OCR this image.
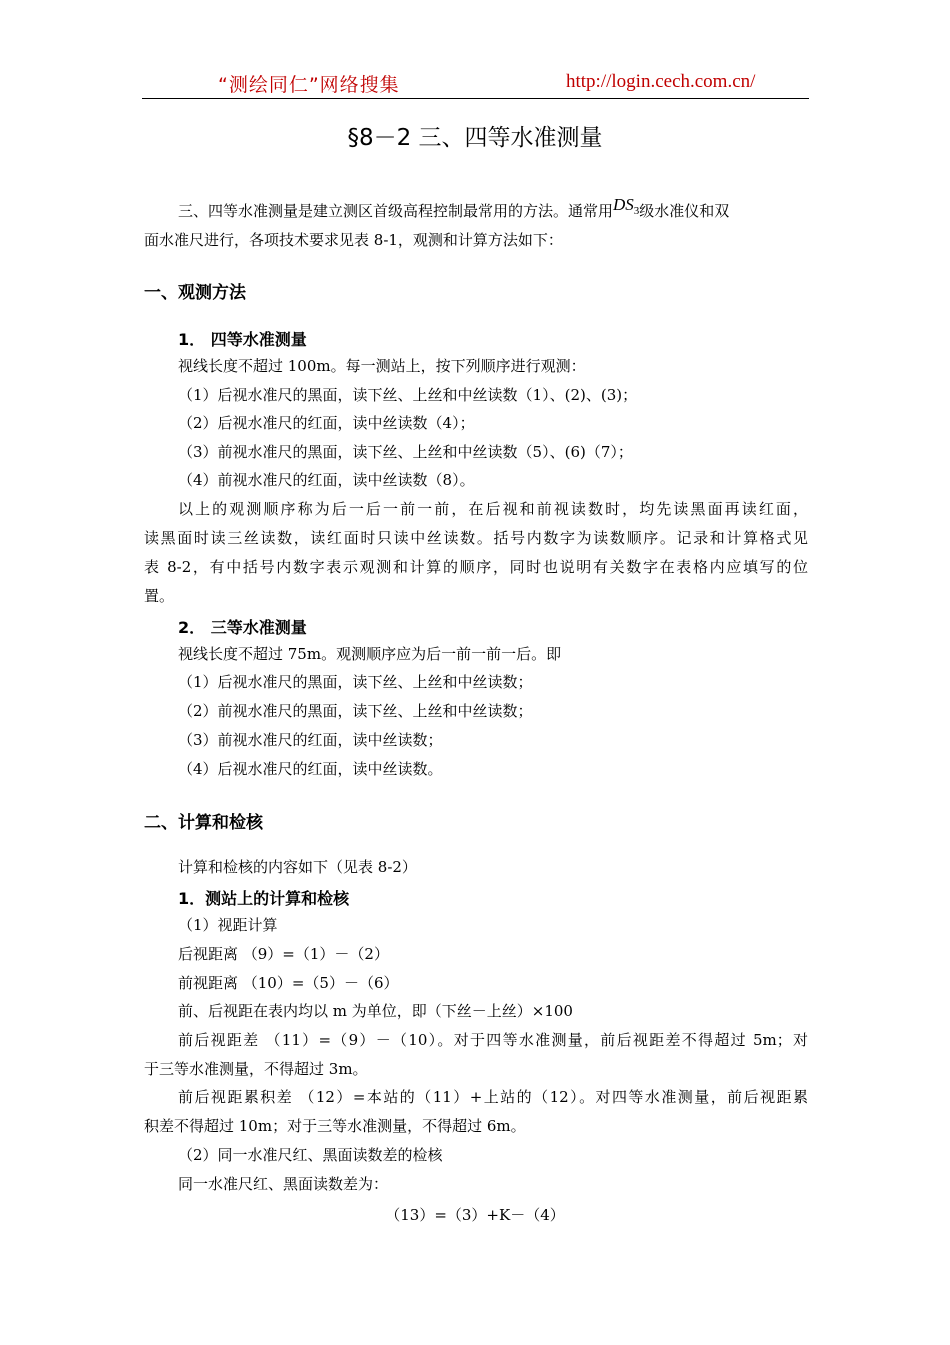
“测绘同仁”网络搜集	http://login.cech.com.cn/
§8－2 三、四等水准测量
三、四等水准测量是建立测区首级高程控制最常用的方法。通常用$DS_3$级水准仪和双
面水准尺进行，各项技术要求见表 8-1，观测和计算方法如下：
一、观测方法
1． 四等水准测量
视线长度不超过 100m。每一测站上，按下列顺序进行观测：
（1）后视水准尺的黑面，读下丝、上丝和中丝读数（1）、(2)、(3)；
（2）后视水准尺的红面，读中丝读数（4）；
（3）前视水准尺的黑面，读下丝、上丝和中丝读数（5）、(6)（7）；
（4）前视水准尺的红面，读中丝读数（8）。
以上的观测顺序称为后一后一前一前，在后视和前视读数时，均先读黑面再读红面，
读黑面时读三丝读数，读红面时只读中丝读数。括号内数字为读数顺序。记录和计算格式见
表 8-2，有中括号内数字表示观测和计算的顺序，同时也说明有关数字在表格内应填写的位
置。
2． 三等水准测量
视线长度不超过 75m。观测顺序应为后一前一前一后。即
（1）后视水准尺的黑面，读下丝、上丝和中丝读数；
（2）前视水准尺的黑面，读下丝、上丝和中丝读数；
（3）前视水准尺的红面，读中丝读数；
（4）后视水准尺的红面，读中丝读数。
二、计算和检核
计算和检核的内容如下（见表 8-2）
1．测站上的计算和检核
（1）视距计算
后视距离 （9）=（1）－（2）
前视距离 （10）=（5）－（6）
前、后视距在表内均以 m 为单位，即（下丝－上丝）×100
前后视距差 （11）=（9）－（10）。对于四等水准测量，前后视距差不得超过 5m；对
于三等水准测量，不得超过 3m。
前后视距累积差 （12）=本站的（11）+上站的（12）。对四等水准测量，前后视距累
积差不得超过 10m；对于三等水准测量，不得超过 6m。
（2）同一水准尺红、黑面读数差的检核
同一水准尺红、黑面读数差为：
（13）=（3）+K－（4）
